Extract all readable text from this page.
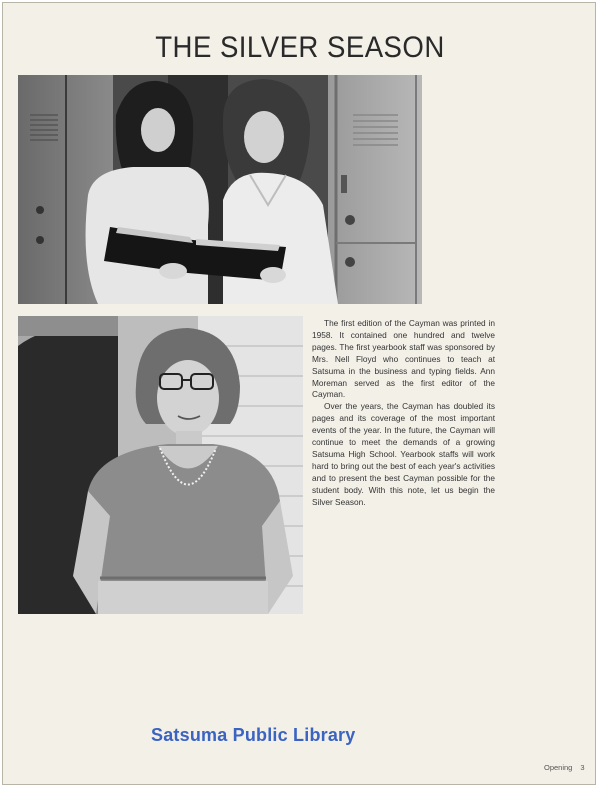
THE SILVER SEASON

The first edition of the Cayman was printed in 1958. It contained one hundred and twelve pages. The first yearbook staff was sponsored by Mrs. Nell Floyd who continues to teach at Satsuma in the business and typing fields. Ann Moreman served as the first editor of the Cayman.

Over the years, the Cayman has doubled its pages and its coverage of the most important events of the year. In the future, the Cayman will continue to meet the demands of a growing Satsuma High School. Yearbook staffs will work hard to bring out the best of each year's activities and to present the best Cayman possible for the student body. With this note, let us begin the Silver Season.

Satsuma Public Library
Opening 3
